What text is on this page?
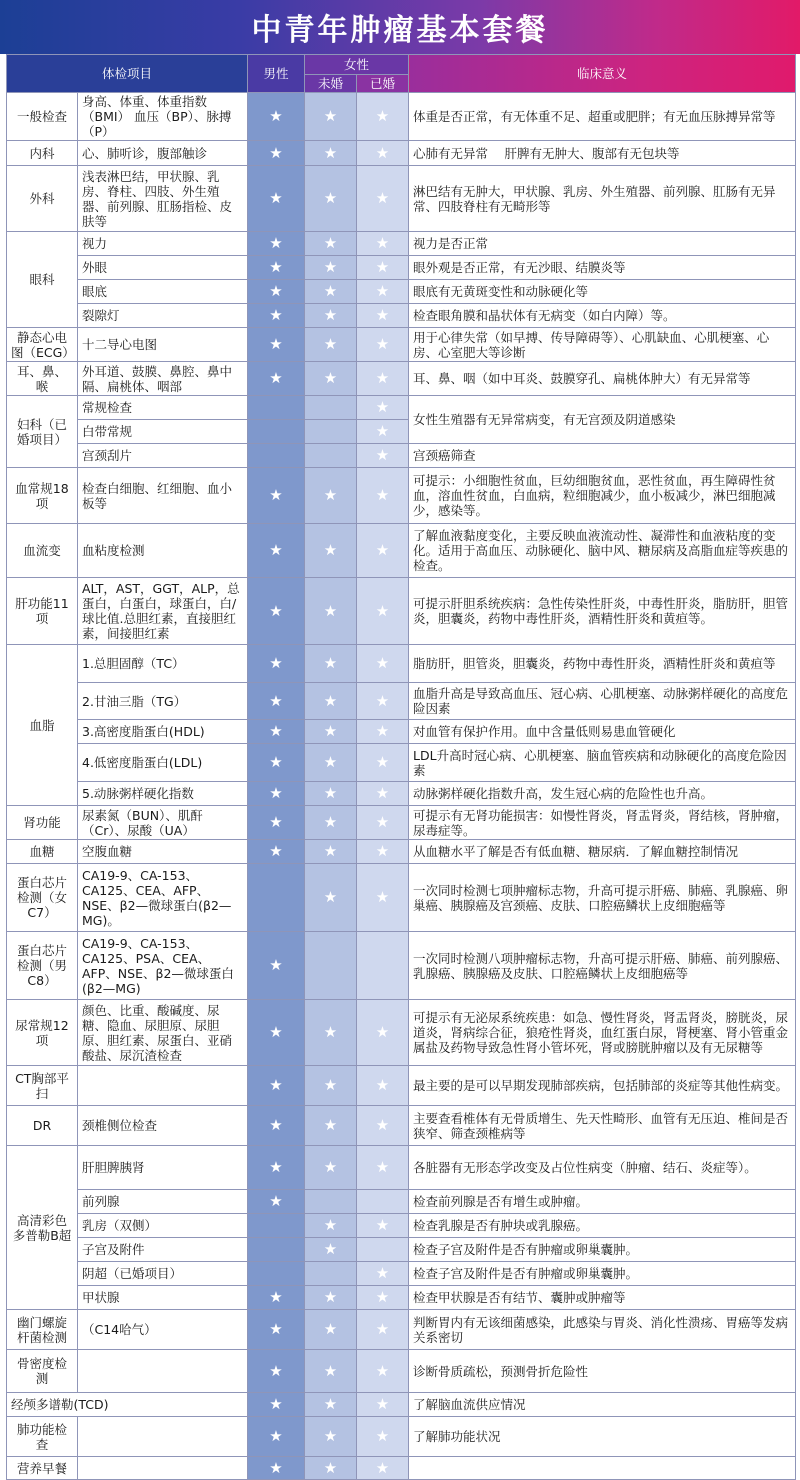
中青年肿瘤基本套餐
体检项目		男性	女性		临床意义
			未婚	已婚	
一般检查	身高、体重、体重指数（BMI） 血压（BP）、脉搏（P）	★	★	★	体重是否正常，有无体重不足、超重或肥胖；有无血压脉搏异常等
内科	心、肺听诊，腹部触诊	★	★	★	心肺有无异常　 肝脾有无肿大、腹部有无包块等
外科	浅表淋巴结，甲状腺、乳房、脊柱、四肢、外生殖器、前列腺、肛肠指检、皮肤等	★	★	★	淋巴结有无肿大，甲状腺、乳房、外生殖器、前列腺、肛肠有无异常、四肢脊柱有无畸形等
眼科	视力	★	★	★	视力是否正常
	外眼	★	★	★	眼外观是否正常，有无沙眼、结膜炎等
	眼底	★	★	★	眼底有无黄斑变性和动脉硬化等
	裂隙灯	★	★	★	检查眼角膜和晶状体有无病变（如白内障）等。
静态心电图（ECG）	十二导心电图	★	★	★	用于心律失常（如早搏、传导障碍等）、心肌缺血、心肌梗塞、心房、心室肥大等诊断
耳、鼻、喉	外耳道、鼓膜、鼻腔、鼻中隔、扁桃体、咽部	★	★	★	耳、鼻、咽（如中耳炎、鼓膜穿孔、扁桃体肿大）有无异常等
妇科（已婚项目）	常规检查			★	女性生殖器有无异常病变，有无宫颈及阴道感染
	白带常规			★	
	宫颈刮片			★	宫颈癌筛查
血常规18项	检查白细胞、红细胞、血小板等	★	★	★	可提示：小细胞性贫血，巨幼细胞贫血，恶性贫血，再生障碍性贫血，溶血性贫血，白血病，粒细胞减少，血小板减少，淋巴细胞减少，感染等。
血流变	血粘度检测	★	★	★	了解血液黏度变化，主要反映血液流动性、凝滞性和血液粘度的变化。适用于高血压、动脉硬化、脑中风、糖尿病及高脂血症等疾患的检查。
肝功能11项	ALT，AST，GGT，ALP，总蛋白，白蛋白，球蛋白，白/球比值.总胆红素，直接胆红素，间接胆红素	★	★	★	可提示肝胆系统疾病：急性传染性肝炎，中毒性肝炎，脂肪肝，胆管炎，胆囊炎，药物中毒性肝炎，酒精性肝炎和黄疸等。
血脂	1.总胆固醇（TC）	★	★	★	脂肪肝，胆管炎，胆囊炎，药物中毒性肝炎，酒精性肝炎和黄疸等
	2.甘油三脂（TG）	★	★	★	血脂升高是导致高血压、冠心病、心肌梗塞、动脉粥样硬化的高度危险因素
	3.高密度脂蛋白(HDL)	★	★	★	对血管有保护作用。血中含量低则易患血管硬化
	4.低密度脂蛋白(LDL)	★	★	★	LDL升高时冠心病、心肌梗塞、脑血管疾病和动脉硬化的高度危险因素
	5.动脉粥样硬化指数	★	★	★	动脉粥样硬化指数升高，发生冠心病的危险性也升高。
肾功能	尿素氮（BUN）、肌酐（Cr）、尿酸（UA）	★	★	★	可提示有无肾功能损害：如慢性肾炎，肾盂肾炎，肾结核，肾肿瘤，尿毒症等。
血糖	空腹血糖	★	★	★	从血糖水平了解是否有低血糖、糖尿病．了解血糖控制情况
蛋白芯片检测（女C7）	CA19-9、CA-153、CA125、CEA、AFP、NSE、β2—微球蛋白(β2—MG)。		★	★	一次同时检测七项肿瘤标志物，升高可提示肝癌、肺癌、乳腺癌、卵巢癌、胰腺癌及宫颈癌、皮肤、口腔癌鳞状上皮细胞癌等
蛋白芯片检测（男C8）	CA19-9、CA-153、CA125、PSA、CEA、AFP、NSE、β2—微球蛋白(β2—MG)	★			一次同时检测八项肿瘤标志物，升高可提示肝癌、肺癌、前列腺癌、乳腺癌、胰腺癌及皮肤、口腔癌鳞状上皮细胞癌等
尿常规12项	颜色、比重、酸碱度、尿糖、隐血、尿胆原、尿胆原、胆红素、尿蛋白、亚硝酸盐、尿沉渣检查	★	★	★	可提示有无泌尿系统疾患：如急、慢性肾炎，肾盂肾炎，膀胱炎，尿道炎，肾病综合征，狼疮性肾炎，血红蛋白尿，肾梗塞、肾小管重金属盐及药物导致急性肾小管坏死，肾或膀胱肿瘤以及有无尿糖等
CT胸部平扫		★	★	★	最主要的是可以早期发现肺部疾病，包括肺部的炎症等其他性病变。
DR	颈椎侧位检查	★	★	★	主要查看椎体有无骨质增生、先天性畸形、血管有无压迫、椎间是否狭窄、筛查颈椎病等
高清彩色多普勒B超	肝胆脾胰肾	★	★	★	各脏器有无形态学改变及占位性病变（肿瘤、结石、炎症等）。
	前列腺	★			检查前列腺是否有增生或肿瘤。
	乳房（双侧）		★	★	检查乳腺是否有肿块或乳腺癌。
	子宫及附件		★		检查子宫及附件是否有肿瘤或卵巢囊肿。
	阴超（已婚项目）			★	检查子宫及附件是否有肿瘤或卵巢囊肿。
	甲状腺	★	★	★	检查甲状腺是否有结节、囊肿或肿瘤等
幽门螺旋杆菌检测	（C14哈气）	★	★	★	判断胃内有无该细菌感染，此感染与胃炎、消化性溃疡、胃癌等发病关系密切
骨密度检测		★	★	★	诊断骨质疏松，预测骨折危险性
经颅多谱勒(TCD)		★	★	★	了解脑血流供应情况
肺功能检查		★	★	★	了解肺功能状况
营养早餐		★	★	★	
